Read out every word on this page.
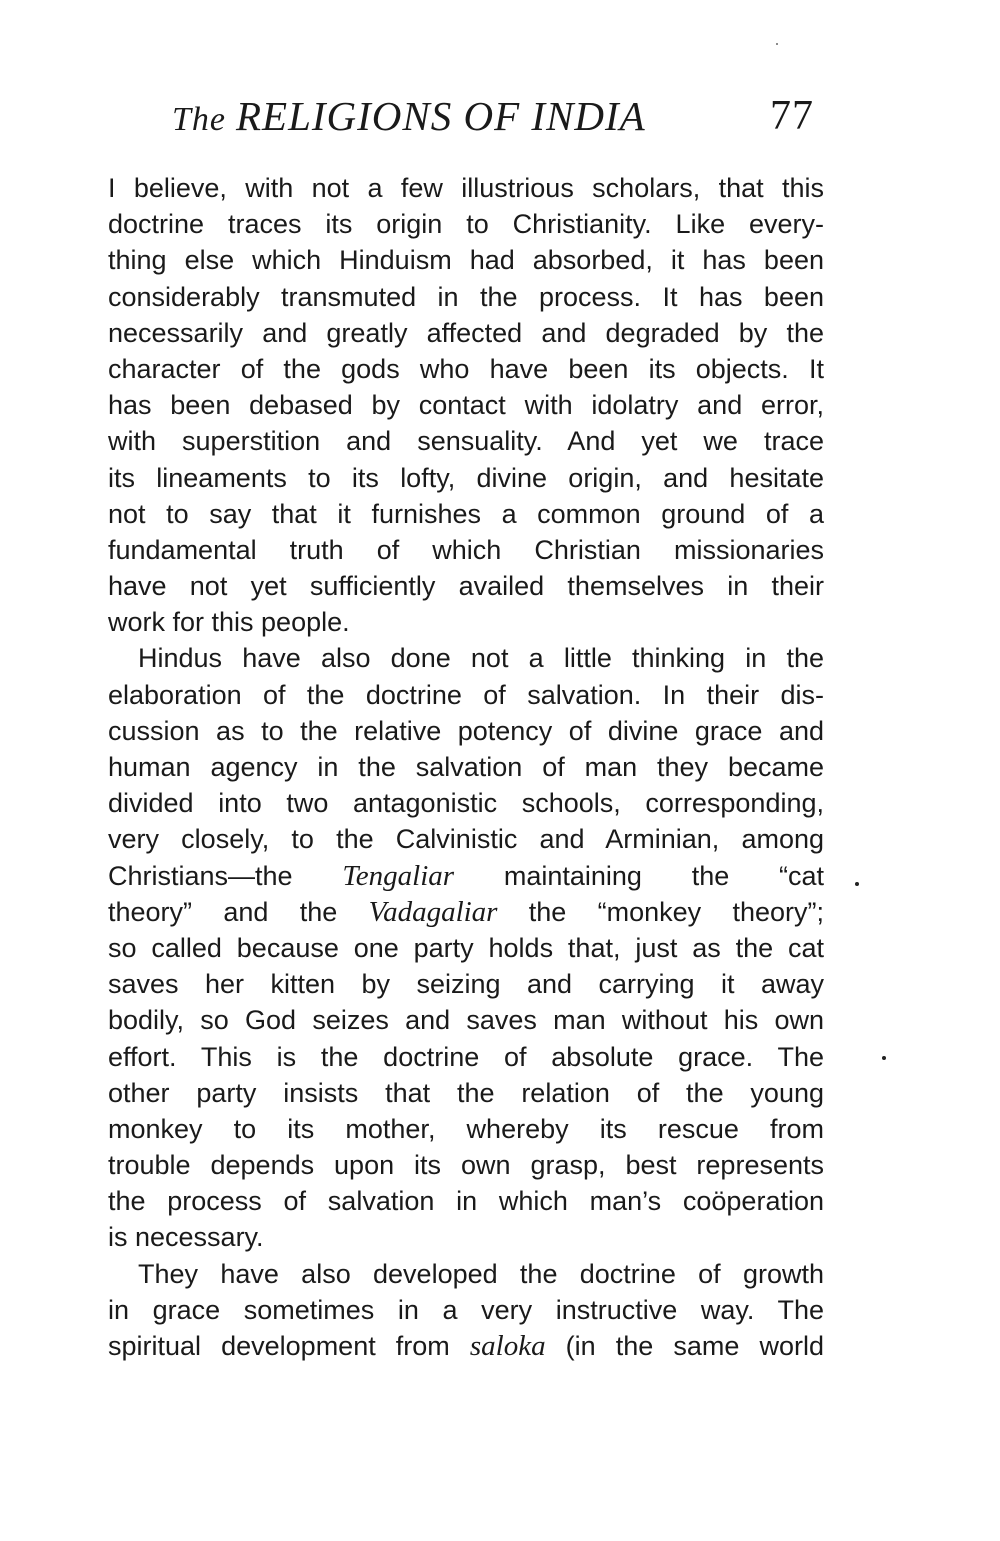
The RELIGIONS OF INDIA	77
I believe, with not a few illustrious scholars, that this
doctrine traces its origin to Christianity. Like every-
thing else which Hinduism had absorbed, it has been
considerably transmuted in the process. It has been
necessarily and greatly affected and degraded by the
character of the gods who have been its objects. It
has been debased by contact with idolatry and error,
with superstition and sensuality. And yet we trace
its lineaments to its lofty, divine origin, and hesitate
not to say that it furnishes a common ground of a
fundamental truth of which Christian missionaries
have not yet sufficiently availed themselves in their
work for this people.
Hindus have also done not a little thinking in the
elaboration of the doctrine of salvation. In their dis-
cussion as to the relative potency of divine grace and
human agency in the salvation of man they became
divided into two antagonistic schools, corresponding,
very closely, to the Calvinistic and Arminian, among
Christians—the Tengaliar maintaining the “cat
theory” and the Vadagaliar the “monkey theory”;
so called because one party holds that, just as the cat
saves her kitten by seizing and carrying it away
bodily, so God seizes and saves man without his own
effort. This is the doctrine of absolute grace. The
other party insists that the relation of the young
monkey to its mother, whereby its rescue from
trouble depends upon its own grasp, best represents
the process of salvation in which man’s coöperation
is necessary.
They have also developed the doctrine of growth
in grace sometimes in a very instructive way. The
spiritual development from saloka (in the same world
